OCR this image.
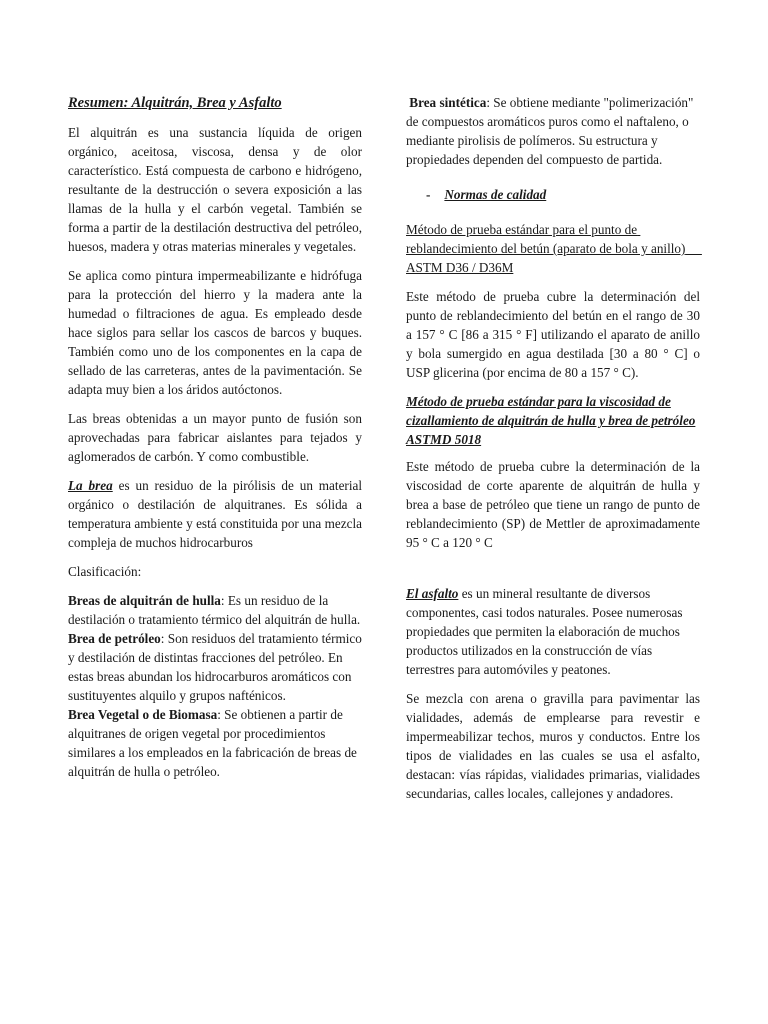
Resumen: Alquitrán, Brea y Asfalto

El alquitrán es una sustancia líquida de origen orgánico, aceitosa, viscosa, densa y de olor característico. Está compuesta de carbono e hidrógeno, resultante de la destrucción o severa exposición a las llamas de la hulla y el carbón vegetal. También se forma a partir de la destilación destructiva del petróleo, huesos, madera y otras materias minerales y vegetales.

Se aplica como pintura impermeabilizante e hidrófuga para la protección del hierro y la madera ante la humedad o filtraciones de agua. Es empleado desde hace siglos para sellar los cascos de barcos y buques. También como uno de los componentes en la capa de sellado de las carreteras, antes de la pavimentación. Se adapta muy bien a los áridos autóctonos.

Las breas obtenidas a un mayor punto de fusión son aprovechadas para fabricar aislantes para tejados y aglomerados de carbón. Y como combustible.

La brea es un residuo de la pirólisis de un material orgánico o destilación de alquitranes. Es sólida a temperatura ambiente y está constituida por una mezcla compleja de muchos hidrocarburos

Clasificación:

Breas de alquitrán de hulla: Es un residuo de la destilación o tratamiento térmico del alquitrán de hulla.

Brea de petróleo: Son residuos del tratamiento térmico y destilación de distintas fracciones del petróleo. En estas breas abundan los hidrocarburos aromáticos con sustituyentes alquilo y grupos nafténicos.

Brea Vegetal o de Biomasa: Se obtienen a partir de alquitranes de origen vegetal por procedimientos similares a los empleados en la fabricación de breas de alquitrán de hulla o petróleo.

Brea sintética: Se obtiene mediante "polimerización" de compuestos aromáticos puros como el naftaleno, o mediante pirolisis de polímeros. Su estructura y propiedades dependen del compuesto de partida.

- Normas de calidad

Método de prueba estándar para el punto de reblandecimiento del betún (aparato de bola y anillo)     ASTM D36 / D36M

Este método de prueba cubre la determinación del punto de reblandecimiento del betún en el rango de 30 a 157 ° C [86 a 315 ° F] utilizando el aparato de anillo y bola sumergido en agua destilada [30 a 80 ° C] o USP glicerina (por encima de 80 a 157 ° C).

Método de prueba estándar para la viscosidad de cizallamiento de alquitrán de hulla y brea de petróleo ASTMD 5018

Este método de prueba cubre la determinación de la viscosidad de corte aparente de alquitrán de hulla y brea a base de petróleo que tiene un rango de punto de reblandecimiento (SP) de Mettler de aproximadamente 95 ° C a 120 ° C

El asfalto es un mineral resultante de diversos componentes, casi todos naturales. Posee numerosas propiedades que permiten la elaboración de muchos productos utilizados en la construcción de vías terrestres para automóviles y peatones.

Se mezcla con arena o gravilla para pavimentar las vialidades, además de emplearse para revestir e impermeabilizar techos, muros y conductos. Entre los tipos de vialidades en las cuales se usa el asfalto, destacan: vías rápidas, vialidades primarias, vialidades secundarias, calles locales, callejones y andadores.
